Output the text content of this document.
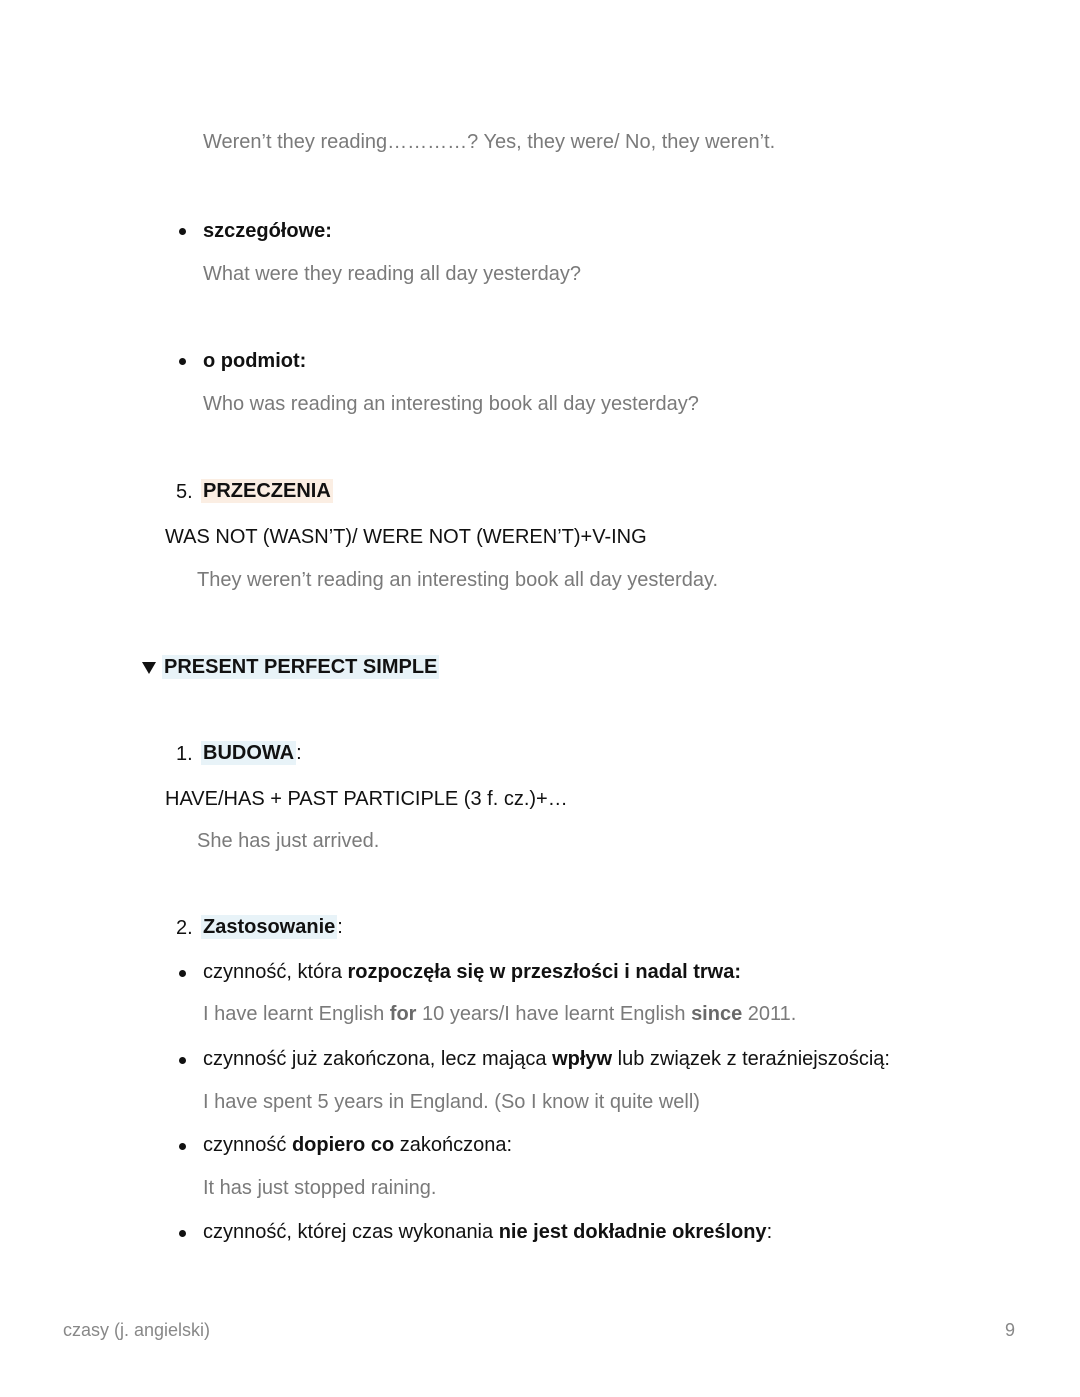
Weren’t they reading…………? Yes, they were/ No, they weren’t.
szczegółowe:
What were they reading all day yesterday?
o podmiot:
Who was reading an interesting book all day yesterday?
5. PRZECZENIA
WAS NOT (WASN’T)/ WERE NOT (WEREN’T)+V-ING
They weren’t reading an interesting book all day yesterday.
PRESENT PERFECT SIMPLE
1. BUDOWA :
HAVE/HAS + PAST PARTICIPLE (3 f. cz.)+…
She has just arrived.
2. Zastosowanie :
czynność, która rozpoczęła się w przeszłości i nadal trwa:
I have learnt English for 10 years/I have learnt English since 2011.
czynność już zakończona, lecz mająca wpływ lub związek z teraźniejszością:
I have spent 5 years in England. (So I know it quite well)
czynność dopiero co zakończona:
It has just stopped raining.
czynność, której czas wykonania nie jest dokładnie określony:
czasy (j. angielski)	9
